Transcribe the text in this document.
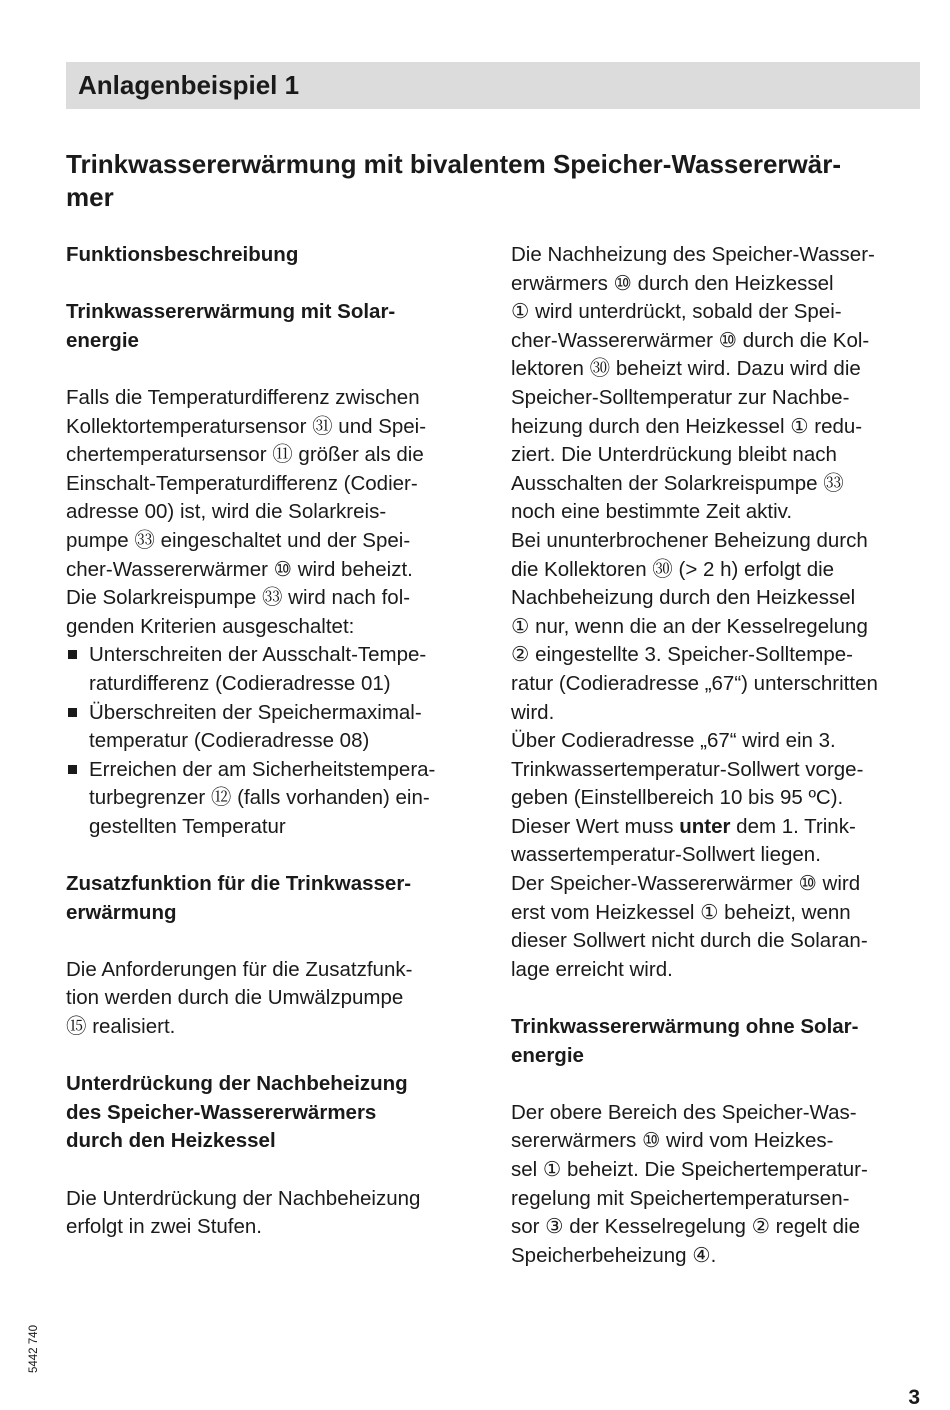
Anlagenbeispiel 1
Trinkwassererwärmung mit bivalentem Speicher-Wassererwär-
mer

Funktionsbeschreibung

Trinkwassererwärmung mit Solar-
energie

Falls die Temperaturdifferenz zwischen
Kollektortemperatursensor ㉛ und Spei-
chertemperatursensor ⑪ größer als die
Einschalt-Temperaturdifferenz (Codier-
adresse 00) ist, wird die Solarkreis-
pumpe ㉝ eingeschaltet und der Spei-
cher-Wassererwärmer ⑩ wird beheizt.
Die Solarkreispumpe ㉝ wird nach fol-
genden Kriterien ausgeschaltet:

Unterschreiten der Ausschalt-Tempe-
raturdifferenz (Codieradresse 01)
Überschreiten der Speichermaximal-
temperatur (Codieradresse 08)
Erreichen der am Sicherheitstempera-
turbegrenzer ⑫ (falls vorhanden) ein-
gestellten Temperatur

Zusatzfunktion für die Trinkwasser-
erwärmung

Die Anforderungen für die Zusatzfunk-
tion werden durch die Umwälzpumpe
⑮ realisiert.

Unterdrückung der Nachbeheizung
des Speicher-Wassererwärmers
durch den Heizkessel

Die Unterdrückung der Nachbeheizung
erfolgt in zwei Stufen.

Die Nachheizung des Speicher-Wasser-
erwärmers ⑩ durch den Heizkessel
① wird unterdrückt, sobald der Spei-
cher-Wassererwärmer ⑩ durch die Kol-
lektoren ㉚ beheizt wird. Dazu wird die
Speicher-Solltemperatur zur Nachbe-
heizung durch den Heizkessel ① redu-
ziert. Die Unterdrückung bleibt nach
Ausschalten der Solarkreispumpe ㉝
noch eine bestimmte Zeit aktiv.

Bei ununterbrochener Beheizung durch
die Kollektoren ㉚ (> 2 h) erfolgt die
Nachbeheizung durch den Heizkessel
① nur, wenn die an der Kesselregelung
② eingestellte 3. Speicher-Solltempe-
ratur (Codieradresse „67“) unterschritten
wird.

Über Codieradresse „67“ wird ein 3.
Trinkwassertemperatur-Sollwert vorge-
geben (Einstellbereich 10 bis 95 ºC).
Dieser Wert muss unter dem 1. Trink-
wassertemperatur-Sollwert liegen.

Der Speicher-Wassererwärmer ⑩ wird
erst vom Heizkessel ① beheizt, wenn
dieser Sollwert nicht durch die Solaran-
lage erreicht wird.

Trinkwassererwärmung ohne Solar-
energie

Der obere Bereich des Speicher-Was-
sererwärmers ⑩ wird vom Heizkes-
sel ① beheizt. Die Speichertemperatur-
regelung mit Speichertemperatursen-
sor ③ der Kesselregelung ② regelt die
Speicherbeheizung ④.

5442 740
3
